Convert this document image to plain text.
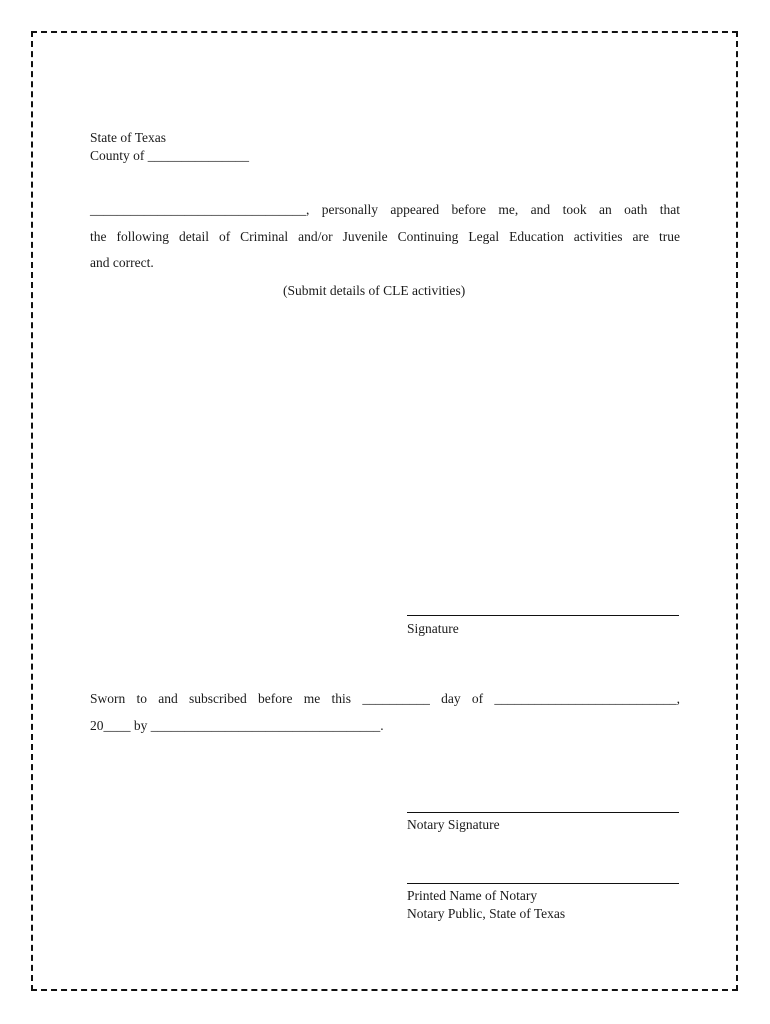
State of Texas
County of _______________
________________________________, personally appeared before me, and took an oath that
the following detail of Criminal and/or Juvenile Continuing Legal Education activities are true
and correct.
(Submit details of CLE activities)
Signature
Sworn to and subscribed before me this __________ day of ___________________________,
20____ by __________________________________.
Notary Signature
Printed Name of Notary
Notary Public, State of Texas
